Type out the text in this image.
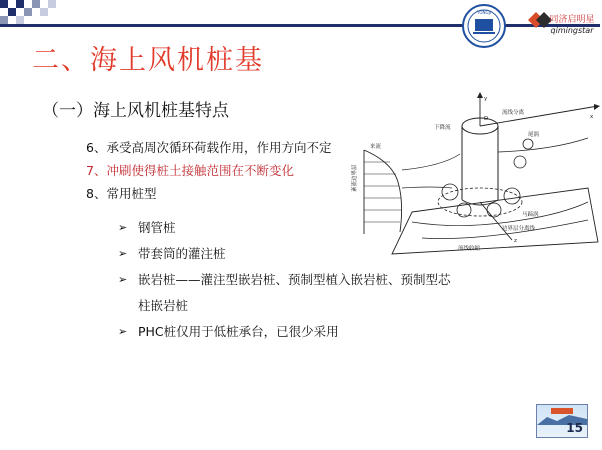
TONGJI
同济启明星
qimingstar
二、海上风机桩基
（一）海上风机桩基特点
6、承受高周次循环荷载作用，作用方向不定
7、冲刷使得桩土接触范围在不断变化
8、常用桩型
➢ 钢管桩
➢ 带套筒的灌注桩
➢ 嵌岩桩——灌注型嵌岩桩、预制型植入嵌岩桩、预制型芯
柱嵌岩桩
➢ PHC桩仅用于低桩承台，已很少采用
流线分离
下降流
尾涡
来流
马蹄涡
边界层分离线
流线收缩
D
y
x
z
紊流边界层
15
